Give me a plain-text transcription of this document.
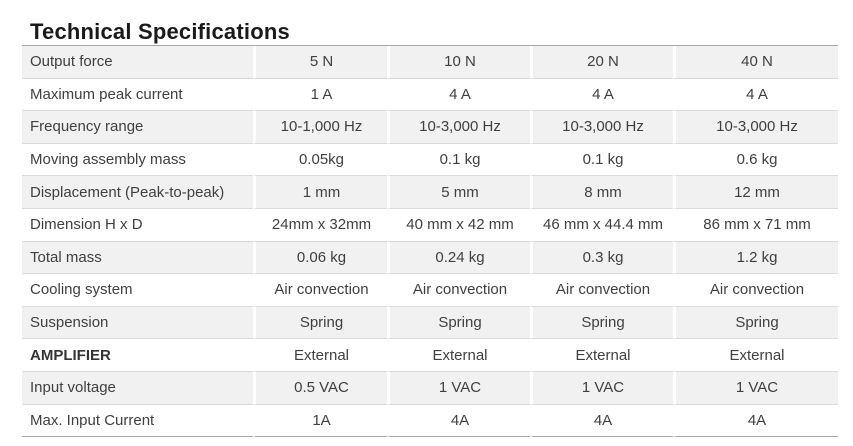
Technical Specifications
Output force	5 N	10 N	20 N	40 N
Maximum peak current	1 A	4 A	4 A	4 A
Frequency range	10-1,000 Hz	10-3,000 Hz	10-3,000 Hz	10-3,000 Hz
Moving assembly mass	0.05kg	0.1 kg	0.1 kg	0.6 kg
Displacement (Peak-to-peak)	1 mm	5 mm	8 mm	12 mm
Dimension H x D	24mm x 32mm	40 mm x 42 mm	46 mm x 44.4 mm	86 mm x 71 mm
Total mass	0.06 kg	0.24 kg	0.3 kg	1.2 kg
Cooling system	Air convection	Air convection	Air convection	Air convection
Suspension	Spring	Spring	Spring	Spring
AMPLIFIER	External	External	External	External
Input voltage	0.5 VAC	1 VAC	1 VAC	1 VAC
Max. Input Current	1A	4A	4A	4A
